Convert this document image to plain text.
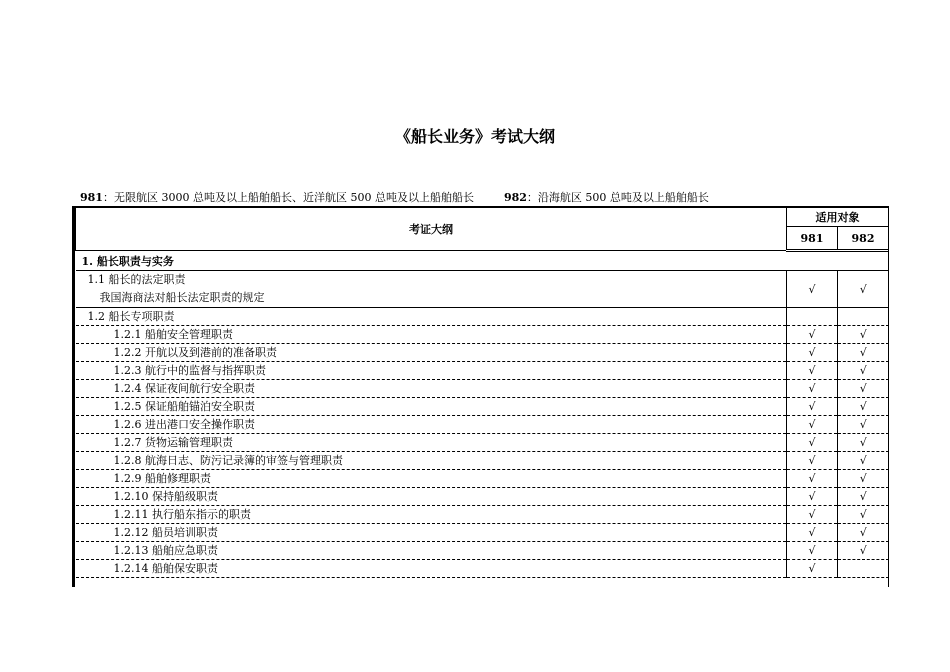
《船长业务》考试大纲
981：无限航区 3000 总吨及以上船舶船长、近洋航区 500 总吨及以上船舶船长	982：沿海航区 500 总吨及以上船舶船长
考证大纲	适用对象	
	981	982
1. 船长职责与实务		

1.1 船长的法定职责
我国海商法对船长法定职责的规定	√	√
1.2 船长专项职责		
1.2.1 船舶安全管理职责	√	√
1.2.2 开航以及到港前的准备职责	√	√
1.2.3 航行中的监督与指挥职责	√	√
1.2.4 保证夜间航行安全职责	√	√
1.2.5 保证船舶锚泊安全职责	√	√
1.2.6 进出港口安全操作职责	√	√
1.2.7 货物运输管理职责	√	√
1.2.8 航海日志、防污记录簿的审签与管理职责	√	√
1.2.9 船舶修理职责	√	√
1.2.10 保持船级职责	√	√
1.2.11 执行船东指示的职责	√	√
1.2.12 船员培训职责	√	√
1.2.13 船舶应急职责	√	√
1.2.14 船舶保安职责	√	
